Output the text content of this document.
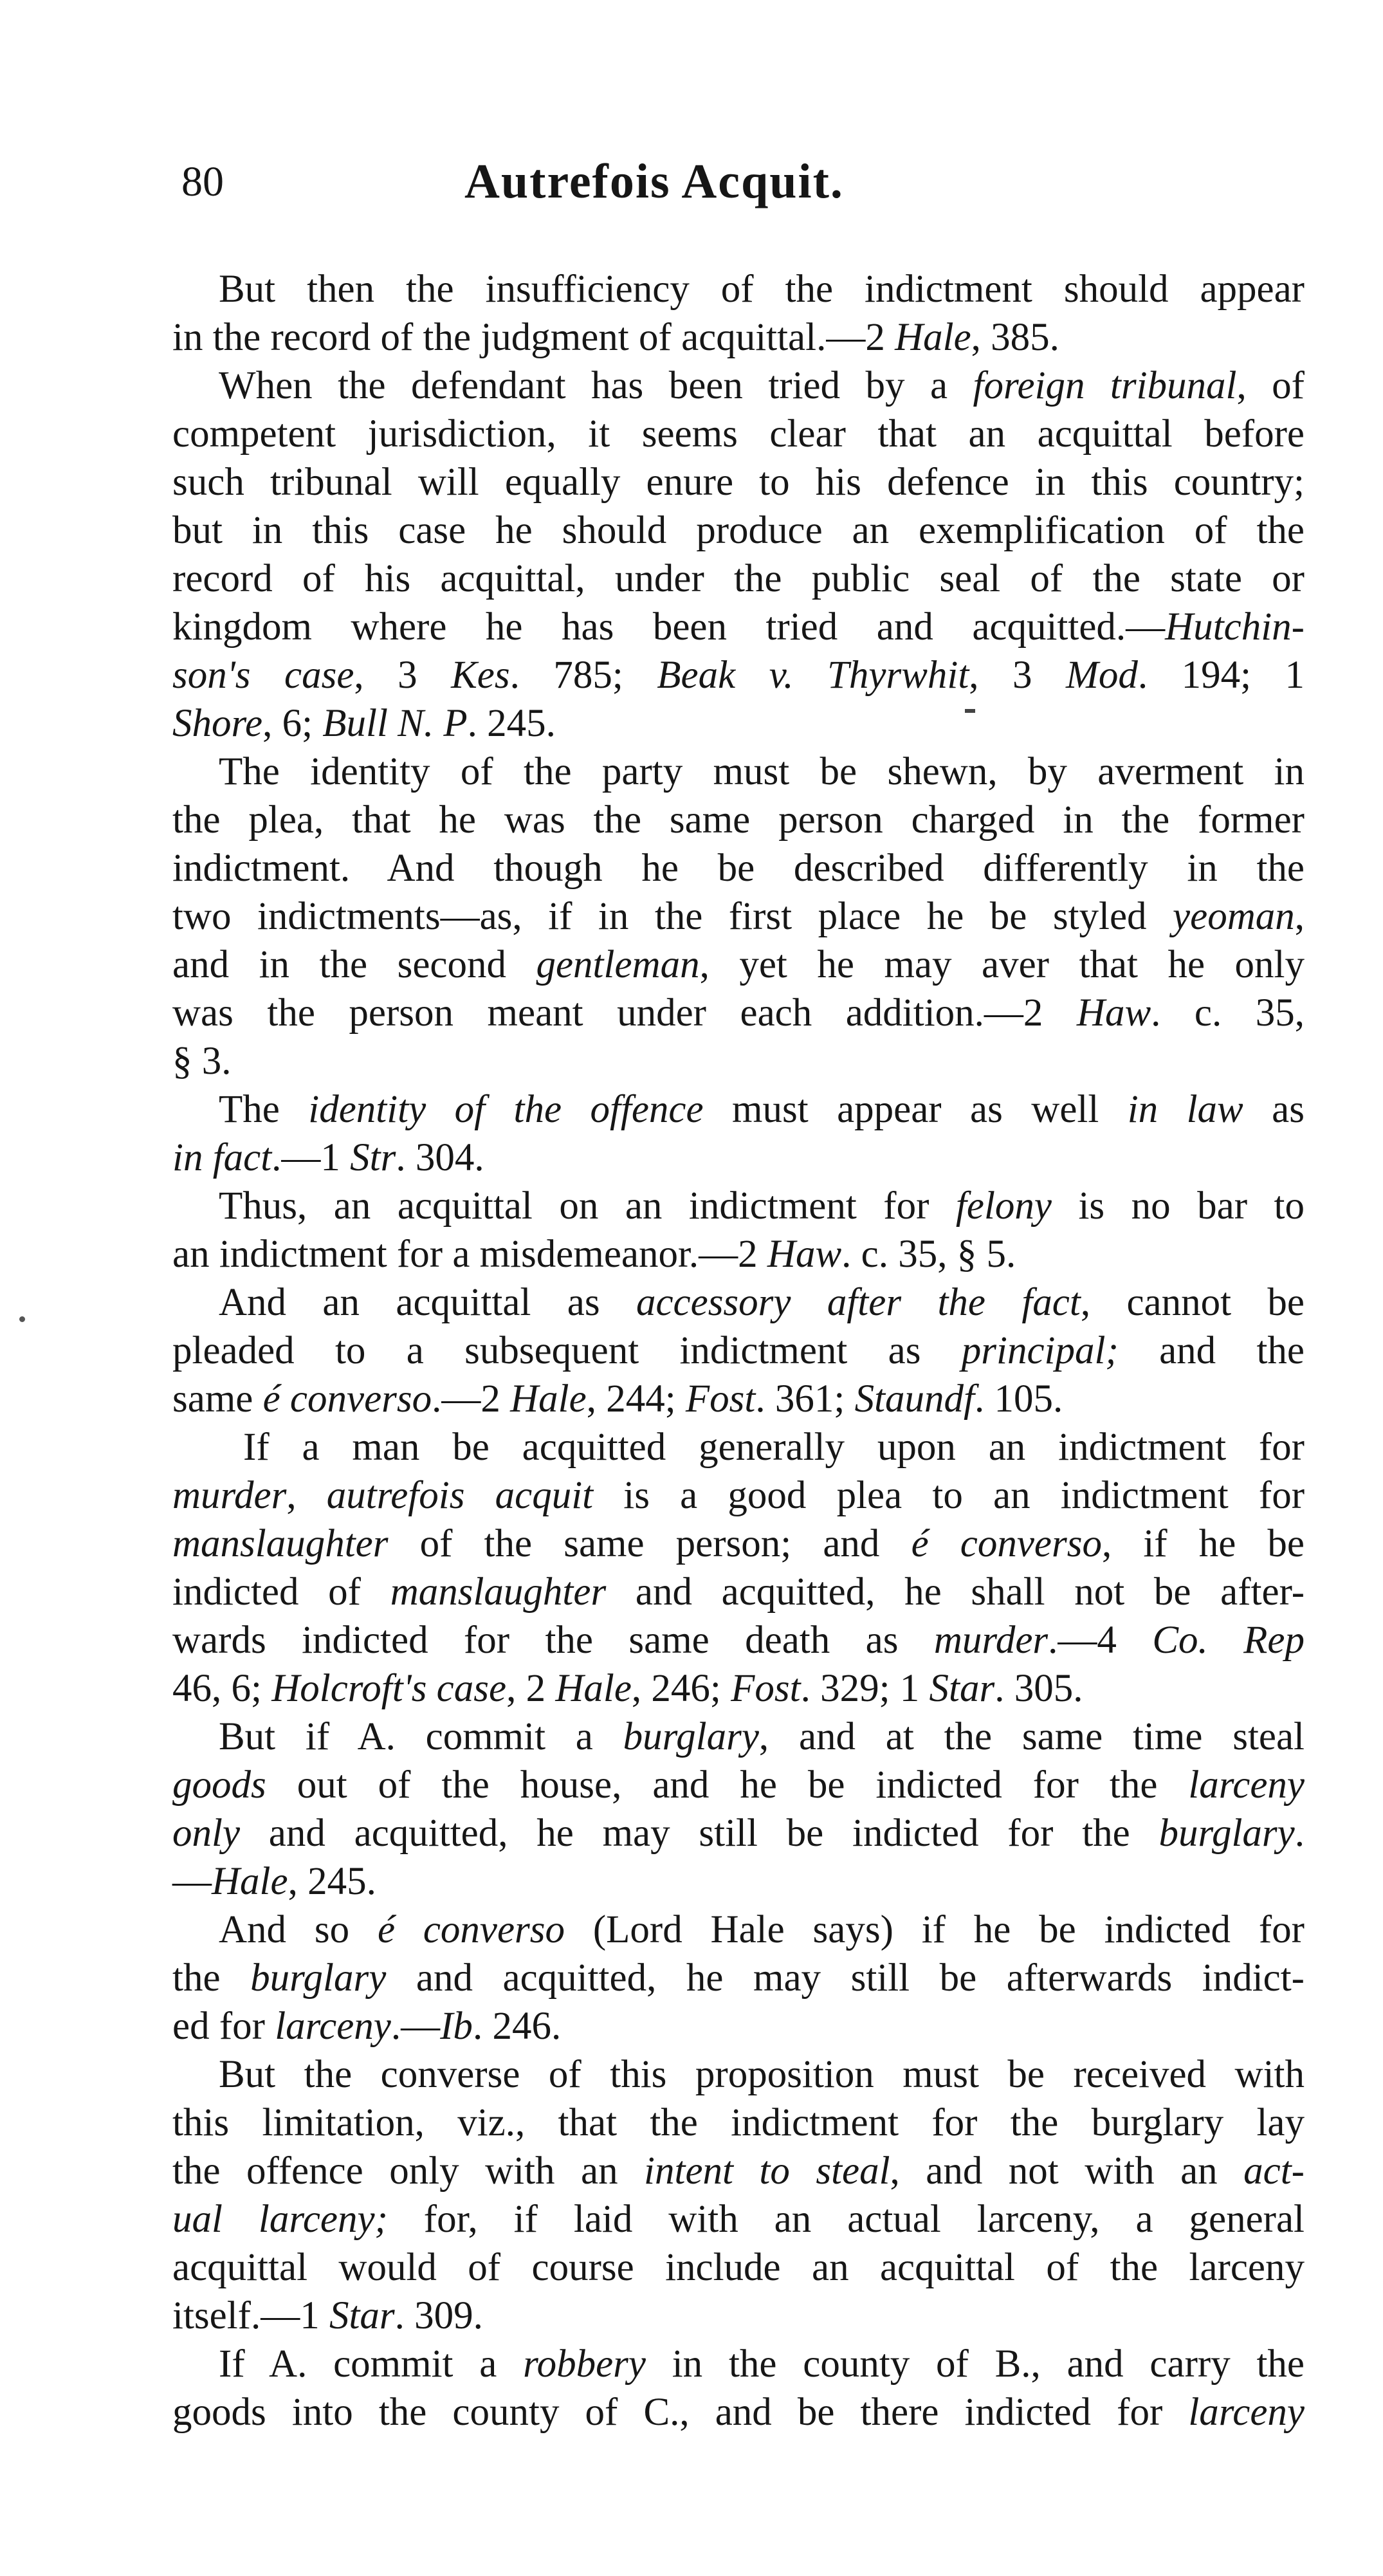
80	Autrefois Acquit.
But then the insufficiency of the indictment should appear
in the record of the judgment of acquittal.—2 Hale, 385.
When the defendant has been tried by a foreign tribunal, of
competent jurisdiction, it seems clear that an acquittal before
such tribunal will equally enure to his defence in this country;
but in this case he should produce an exemplification of the
record of his acquittal, under the public seal of the state or
kingdom where he has been tried and acquitted.—Hutchin-
son's case, 3 Kes. 785; Beak v. Thyrwhit, 3 Mod. 194; 1
Shore, 6; Bull N. P. 245.
The identity of the party must be shewn, by averment in
the plea, that he was the same person charged in the former
indictment. And though he be described differently in the
two indictments—as, if in the first place he be styled yeoman,
and in the second gentleman, yet he may aver that he only
was the person meant under each addition.—2 Haw. c. 35,
§ 3.
The identity of the offence must appear as well in law as
in fact.—1 Str. 304.
Thus, an acquittal on an indictment for felony is no bar to
an indictment for a misdemeanor.—2 Haw. c. 35, § 5.
And an acquittal as accessory after the fact, cannot be
pleaded to a subsequent indictment as principal; and the
same é converso.—2 Hale, 244; Fost. 361; Staundf. 105.
If a man be acquitted generally upon an indictment for
murder, autrefois acquit is a good plea to an indictment for
manslaughter of the same person; and é converso, if he be
indicted of manslaughter and acquitted, he shall not be after-
wards indicted for the same death as murder.—4 Co. Rep
46, 6; Holcroft's case, 2 Hale, 246; Fost. 329; 1 Star. 305.
But if A. commit a burglary, and at the same time steal
goods out of the house, and he be indicted for the larceny
only and acquitted, he may still be indicted for the burglary.
—Hale, 245.
And so é converso (Lord Hale says) if he be indicted for
the burglary and acquitted, he may still be afterwards indict-
ed for larceny.—Ib. 246.
But the converse of this proposition must be received with
this limitation, viz., that the indictment for the burglary lay
the offence only with an intent to steal, and not with an act-
ual larceny; for, if laid with an actual larceny, a general
acquittal would of course include an acquittal of the larceny
itself.—1 Star. 309.
If A. commit a robbery in the county of B., and carry the
goods into the county of C., and be there indicted for larceny
